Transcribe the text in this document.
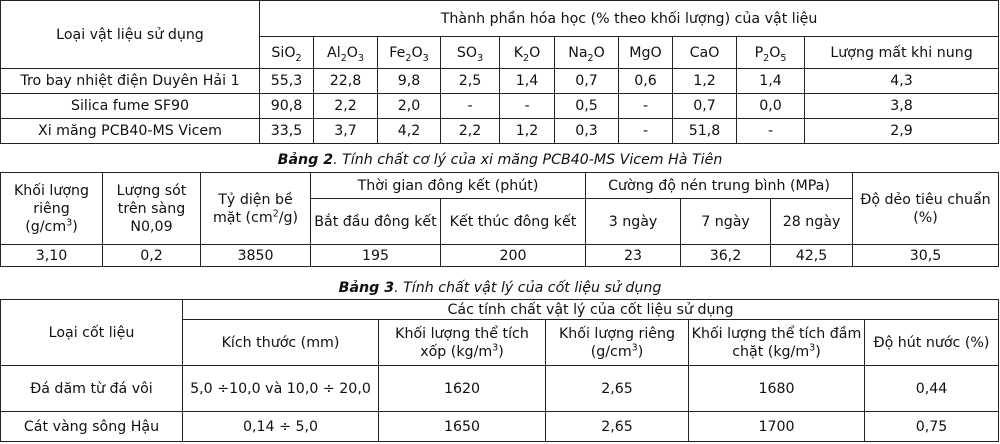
Loại vật liệu sử dụng	Thành phần hóa học (% theo khối lượng) của vật liệu									
	SiO$_2$	$Al_2O_3$	$Fe_2O_3$	$SO_3$	$K_2O$	$Na_2O$	MgO	CaO	$P_2O_5$	Lượng mất khi nung
Tro bay nhiệt điện Duyên Hải 1	55,3	22,8	9,8	2,5	1,4	0,7	0,6	1,2	1,4	4,3
Silica fume SF90	90,8	2,2	2,0	-	-	0,5	-	0,7	0,0	3,8
Xi măng PCB40-MS Vicem	33,5	3,7	4,2	2,2	1,2	0,3	-	51,8	-	2,9
Bảng 2. Tính chất cơ lý của xi măng PCB40-MS Vicem Hà Tiên
Khối lượng riêng
$(g/cm^3)$	Lượng sót trên sàng N0,09	Tỷ diện bề mặt $(cm^2/g)$	Thời gian đông kết (phút)		Cường độ nén trung bình (MPa)			Độ dẻo tiêu chuẩn (%)
			Bắt đầu đông kết	Kết thúc đông kết	3 ngày	7 ngày	28 ngày	
3,10	0,2	3850	195	200	23	36,2	42,5	30,5
Bảng 3. Tính chất vật lý của cốt liệu sử dụng
Loại cốt liệu	Các tính chất vật lý của cốt liệu sử dụng				
	Kích thước (mm)	Khối lượng thể tích xốp $(kg/m^3)$	Khối lượng riêng $(g/cm^3)$	Khối lượng thể tích đầm chặt $(kg/m^3)$	Độ hút nước (%)
Đá dăm từ đá vôi	5,0 ÷10,0 và 10,0 ÷ 20,0	1620	2,65	1680	0,44
Cát vàng sông Hậu	0,14 ÷ 5,0	1650	2,65	1700	0,75
